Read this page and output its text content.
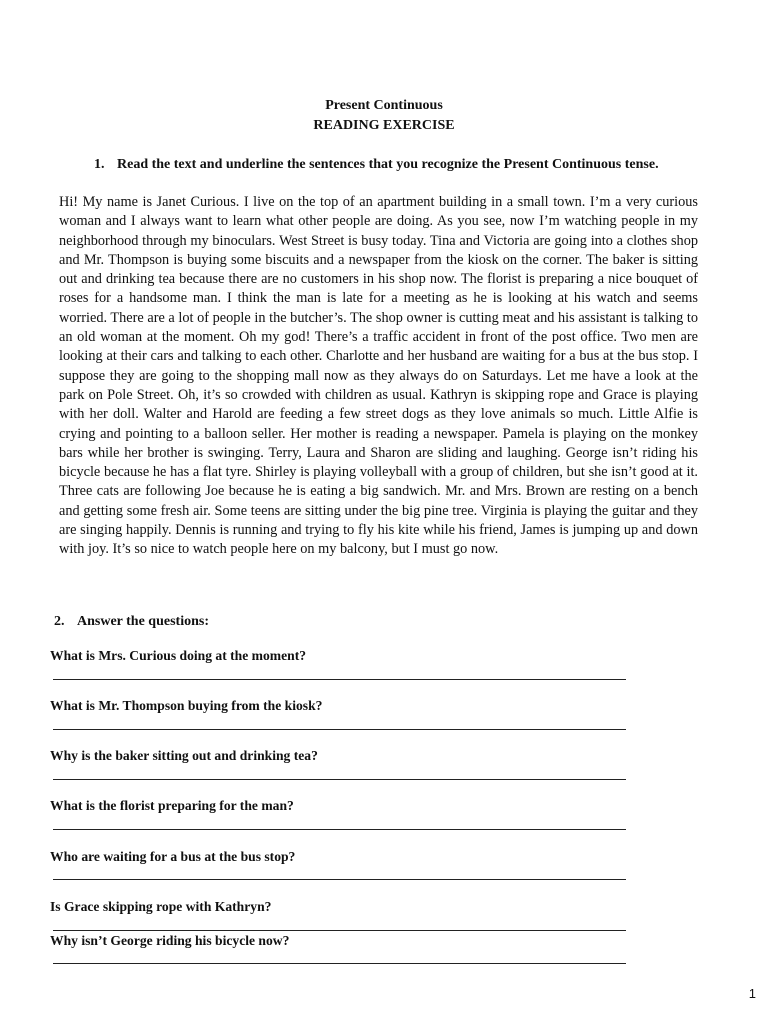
Present Continuous
READING EXERCISE
1. Read the text and underline the sentences that you recognize the Present Continuous tense.

Hi! My name is Janet Curious. I live on the top of an apartment building in a small town. I’m a very curious woman and I always want to learn what other people are doing. As you see, now I’m watching people in my neighborhood through my binoculars. West Street is busy today. Tina and Victoria are going into a clothes shop and Mr. Thompson is buying some biscuits and a newspaper from the kiosk on the corner. The baker is sitting out and drinking tea because there are no customers in his shop now. The florist is preparing a nice bouquet of roses for a handsome man. I think the man is late for a meeting as he is looking at his watch and seems worried. There are a lot of people in the butcher’s. The shop owner is cutting meat and his assistant is talking to an old woman at the moment. Oh my god! There’s a traffic accident in front of the post office. Two men are looking at their cars and talking to each other. Charlotte and her husband are waiting for a bus at the bus stop. I suppose they are going to the shopping mall now as they always do on Saturdays. Let me have a look at the park on Pole Street. Oh, it’s so crowded with children as usual. Kathryn is skipping rope and Grace is playing with her doll. Walter and Harold are feeding a few street dogs as they love animals so much. Little Alfie is crying and pointing to a balloon seller. Her mother is reading a newspaper. Pamela is playing on the monkey bars while her brother is swinging. Terry, Laura and Sharon are sliding and laughing. George isn’t riding his bicycle because he has a flat tyre. Shirley is playing volleyball with a group of children, but she isn’t good at it. Three cats are following Joe because he is eating a big sandwich. Mr. and Mrs. Brown are resting on a bench and getting some fresh air. Some teens are sitting under the big pine tree. Virginia is playing the guitar and they are singing happily. Dennis is running and trying to fly his kite while his friend, James is jumping up and down with joy. It’s so nice to watch people here on my balcony, but I must go now.

2. Answer the questions:
What is Mrs. Curious doing at the moment?
What is Mr. Thompson buying from the kiosk?
Why is the baker sitting out and drinking tea?
What is the florist preparing for the man?
Who are waiting for a bus at the bus stop?
Is Grace skipping rope with Kathryn?
Why isn’t George riding his bicycle now?
1
